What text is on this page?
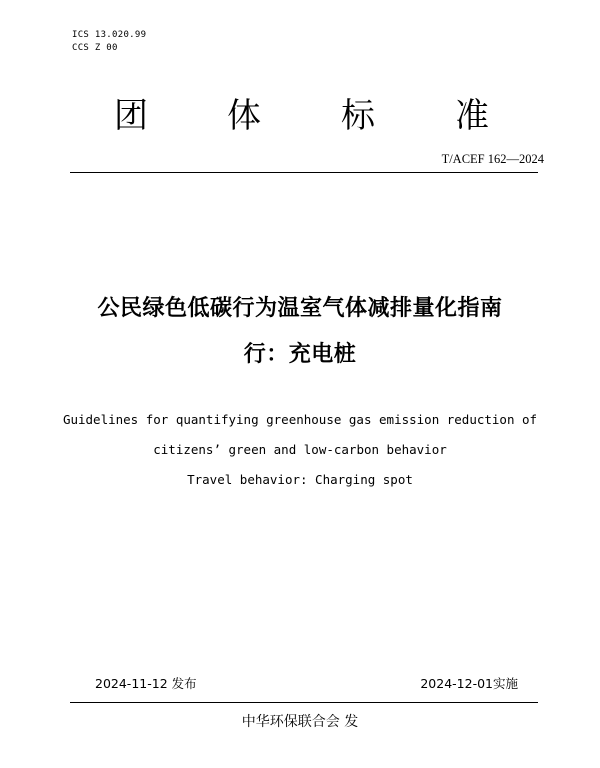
ICS 13.020.99
CCS Z 00
团	体	标	准
T/ACEF 162—2024
公民绿色低碳行为温室气体减排量化指南
行：充电桩
Guidelines for quantifying greenhouse gas emission reduction of
citizens’ green and low-carbon behavior
Travel behavior: Charging spot
2024-11-12 发布	2024-12-01实施
中华环保联合会 发
